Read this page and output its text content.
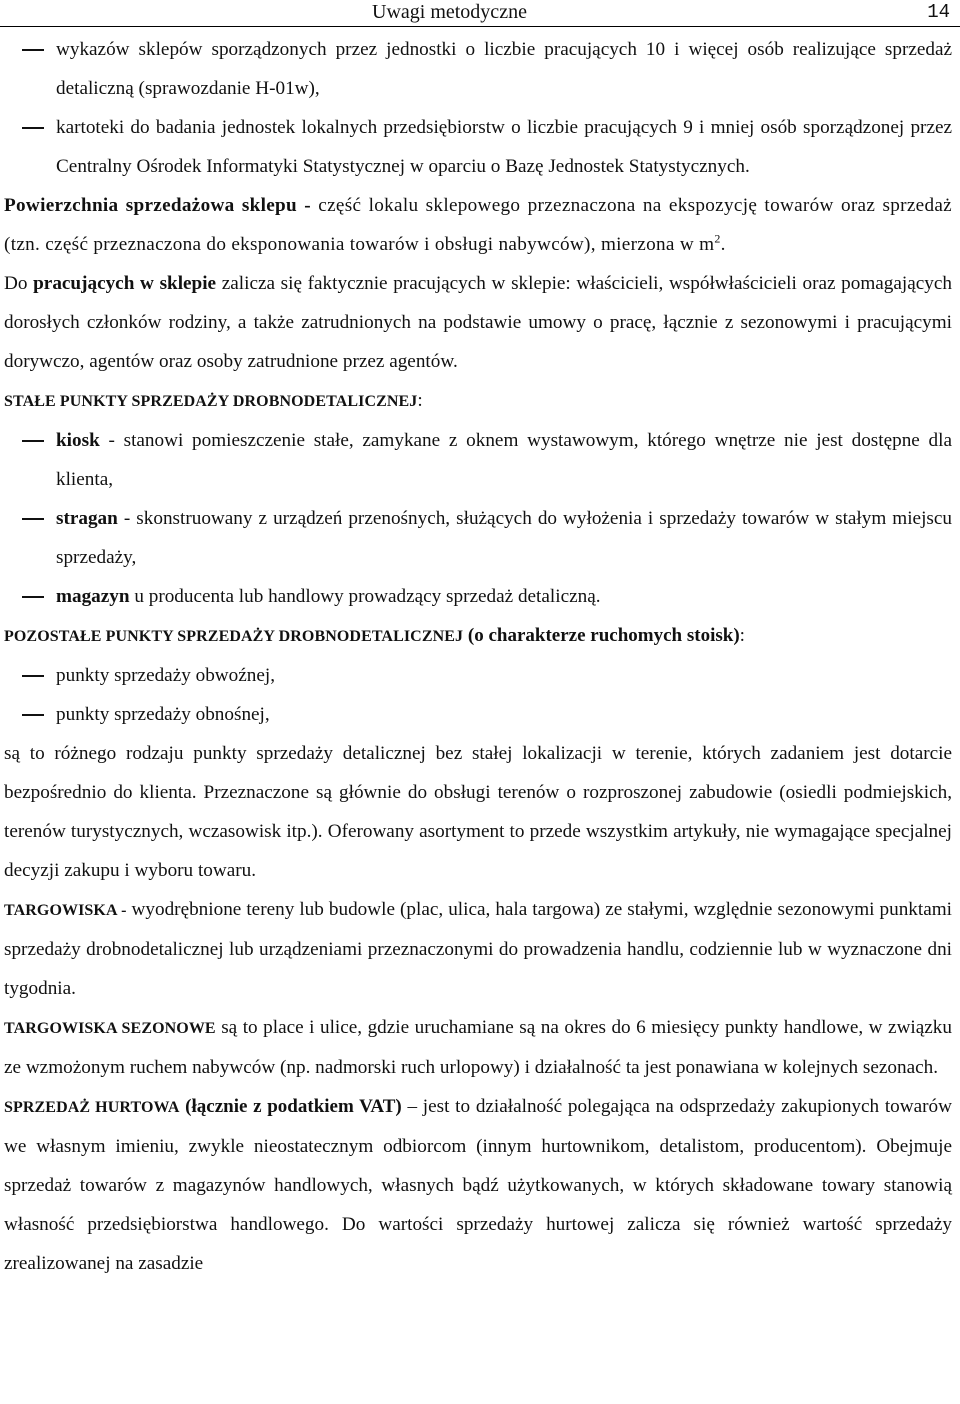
Uwagi metodyczne	14

wykazów sklepów sporządzonych przez jednostki o liczbie pracujących 10 i więcej osób realizujące sprzedaż detaliczną (sprawozdanie H-01w),

kartoteki do badania jednostek lokalnych przedsiębiorstw o liczbie pracujących 9 i mniej osób sporządzonej przez Centralny Ośrodek Informatyki Statystycznej w oparciu o Bazę Jednostek Statystycznych.

Powierzchnia sprzedażowa sklepu - część lokalu sklepowego przeznaczona na ekspozycję towarów oraz sprzedaż (tzn. część przeznaczona do eksponowania towarów i obsługi nabywców), mierzona w $m^2$.

Do pracujących w sklepie zalicza się faktycznie pracujących w sklepie: właścicieli, współwłaścicieli oraz pomagających dorosłych członków rodziny, a także zatrudnionych na podstawie umowy o pracę, łącznie z sezonowymi i pracującymi dorywczo, agentów oraz osoby zatrudnione przez agentów.

STAŁE PUNKTY SPRZEDAŻY DROBNODETALICZNEJ:

kiosk - stanowi pomieszczenie stałe, zamykane z oknem wystawowym, którego wnętrze nie jest dostępne dla klienta,

stragan - skonstruowany z urządzeń przenośnych, służących do wyłożenia i sprzedaży towarów w stałym miejscu sprzedaży,

magazyn u producenta lub handlowy prowadzący sprzedaż detaliczną.

POZOSTAŁE PUNKTY SPRZEDAŻY DROBNODETALICZNEJ (o charakterze ruchomych stoisk):

punkty sprzedaży obwoźnej,

punkty sprzedaży obnośnej,

są to różnego rodzaju punkty sprzedaży detalicznej bez stałej lokalizacji w terenie, których zadaniem jest dotarcie bezpośrednio do klienta. Przeznaczone są głównie do obsługi terenów o rozproszonej zabudowie (osiedli podmiejskich, terenów turystycznych, wczasowisk itp.). Oferowany asortyment to przede wszystkim artykuły, nie wymagające specjalnej decyzji zakupu i wyboru towaru.

TARGOWISKA - wyodrębnione tereny lub budowle (plac, ulica, hala targowa) ze stałymi, względnie sezonowymi punktami sprzedaży drobnodetalicznej lub urządzeniami przeznaczonymi do prowadzenia handlu, codziennie lub w wyznaczone dni tygodnia.

TARGOWISKA SEZONOWE są to place i ulice, gdzie uruchamiane są na okres do 6 miesięcy punkty handlowe, w związku ze wzmożonym ruchem nabywców (np. nadmorski ruch urlopowy) i działalność ta jest ponawiana w kolejnych sezonach.

SPRZEDAŻ HURTOWA (łącznie z podatkiem VAT) – jest to działalność polegająca na odsprzedaży zakupionych towarów we własnym imieniu, zwykle nieostatecznym odbiorcom (innym hurtownikom, detalistom, producentom). Obejmuje sprzedaż towarów z magazynów handlowych, własnych bądź użytkowanych, w których składowane towary stanowią własność przedsiębiorstwa handlowego. Do wartości sprzedaży hurtowej zalicza się również wartość sprzedaży zrealizowanej na zasadzie
